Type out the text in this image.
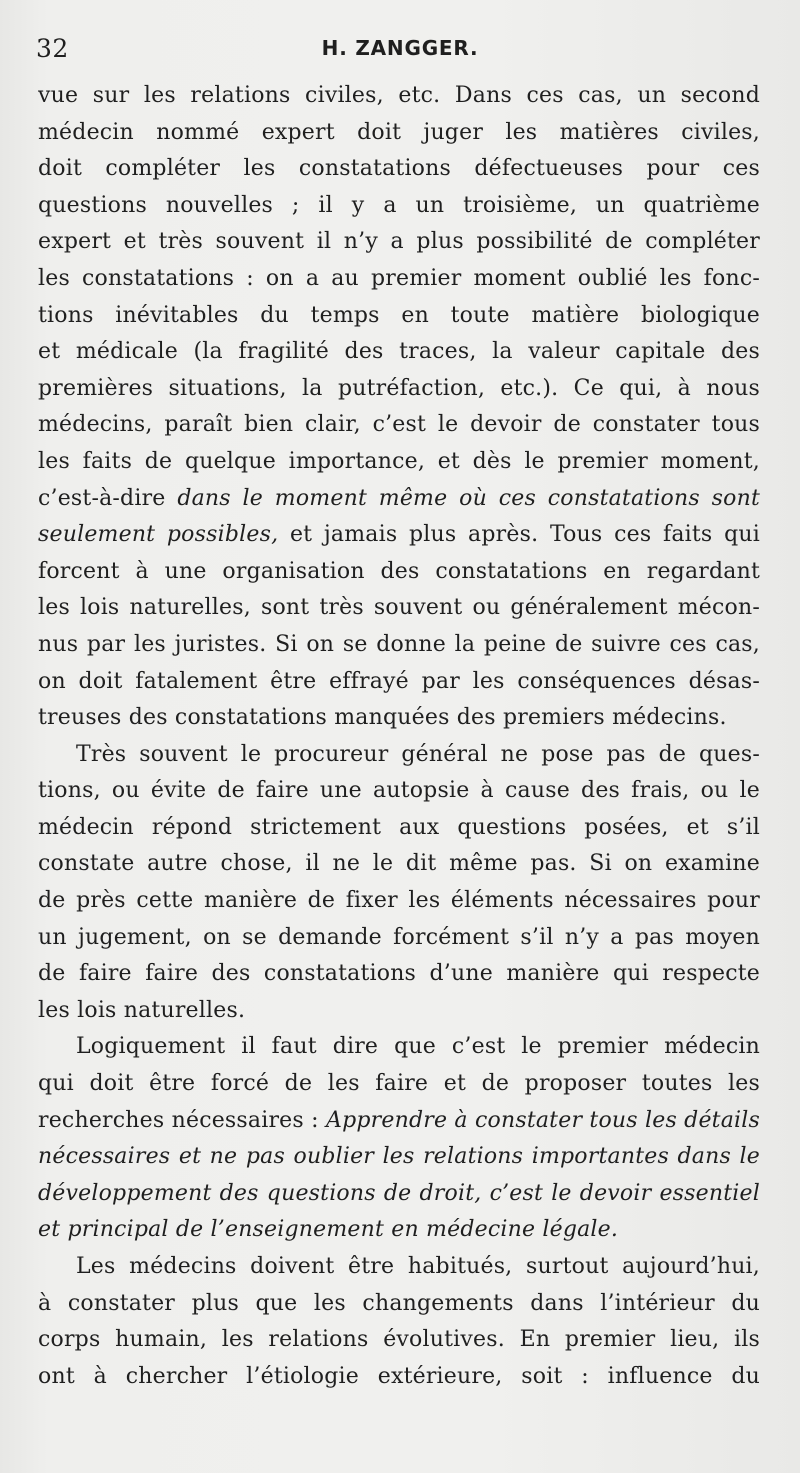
32	H. ZANGGER.
vue sur les relations civiles, etc. Dans ces cas, un second
médecin nommé expert doit juger les matières civiles,
doit compléter les constatations défectueuses pour ces
questions nouvelles ; il y a un troisième, un quatrième
expert et très souvent il n’y a plus possibilité de compléter
les constatations : on a au premier moment oublié les fonc-
tions inévitables du temps en toute matière biologique
et médicale (la fragilité des traces, la valeur capitale des
premières situations, la putréfaction, etc.). Ce qui, à nous
médecins, paraît bien clair, c’est le devoir de constater tous
les faits de quelque importance, et dès le premier moment,
c’est-à-dire dans le moment même où ces constatations sont
seulement possibles, et jamais plus après. Tous ces faits qui
forcent à une organisation des constatations en regardant
les lois naturelles, sont très souvent ou généralement mécon-
nus par les juristes. Si on se donne la peine de suivre ces cas,
on doit fatalement être effrayé par les conséquences désas-
treuses des constatations manquées des premiers médecins.
Très souvent le procureur général ne pose pas de ques-
tions, ou évite de faire une autopsie à cause des frais, ou le
médecin répond strictement aux questions posées, et s’il
constate autre chose, il ne le dit même pas. Si on examine
de près cette manière de fixer les éléments nécessaires pour
un jugement, on se demande forcément s’il n’y a pas moyen
de faire faire des constatations d’une manière qui respecte
les lois naturelles.
Logiquement il faut dire que c’est le premier médecin
qui doit être forcé de les faire et de proposer toutes les
recherches nécessaires : Apprendre à constater tous les détails
nécessaires et ne pas oublier les relations importantes dans le
développement des questions de droit, c’est le devoir essentiel
et principal de l’enseignement en médecine légale.
Les médecins doivent être habitués, surtout aujourd’hui,
à constater plus que les changements dans l’intérieur du
corps humain, les relations évolutives. En premier lieu, ils
ont à chercher l’étiologie extérieure, soit : influence du
